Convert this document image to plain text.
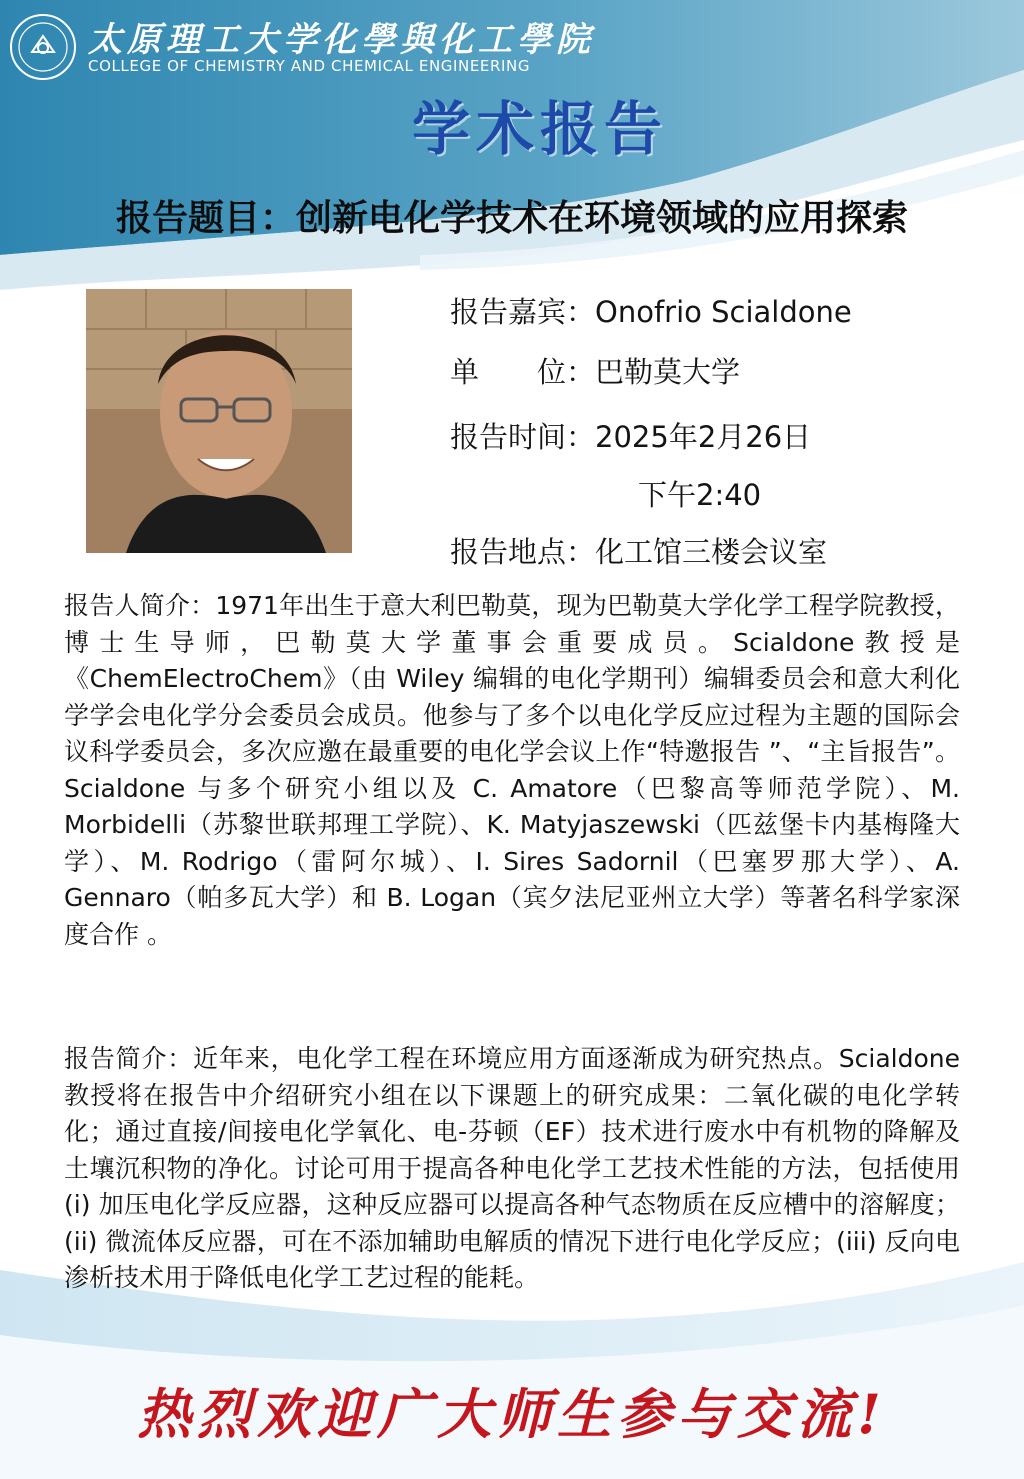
太原理工大学化學與化工學院
COLLEGE OF CHEMISTRY AND CHEMICAL ENGINEERING
学术报告
报告题目：创新电化学技术在环境领域的应用探索
报告嘉宾：Onofrio Scialdone
单　　位：巴勒莫大学
报告时间：2025年2月26日
下午2:40
报告地点：化工馆三楼会议室
报告人简介：1971年出生于意大利巴勒莫，现为巴勒莫大学化学工程学院教授，博士生导师，巴勒莫大学董事会重要成员。Scialdone教授是《ChemElectroChem》（由 Wiley 编辑的电化学期刊）编辑委员会和意大利化学学会电化学分会委员会成员。他参与了多个以电化学反应过程为主题的国际会议科学委员会，多次应邀在最重要的电化学会议上作“特邀报告 ”、“主旨报告”。Scialdone 与多个研究小组以及 C. Amatore（巴黎高等师范学院）、M. Morbidelli（苏黎世联邦理工学院）、K. Matyjaszewski（匹兹堡卡内基梅隆大学）、M. Rodrigo（雷阿尔城）、I. Sires Sadornil（巴塞罗那大学）、A. Gennaro（帕多瓦大学）和 B. Logan（宾夕法尼亚州立大学）等著名科学家深度合作 。
报告简介：近年来，电化学工程在环境应用方面逐渐成为研究热点。Scialdone教授将在报告中介绍研究小组在以下课题上的研究成果：二氧化碳的电化学转化；通过直接/间接电化学氧化、电-芬顿（EF）技术进行废水中有机物的降解及土壤沉积物的净化。讨论可用于提高各种电化学工艺技术性能的方法，包括使用 (i) 加压电化学反应器，这种反应器可以提高各种气态物质在反应槽中的溶解度；(ii) 微流体反应器，可在不添加辅助电解质的情况下进行电化学反应；(iii) 反向电渗析技术用于降低电化学工艺过程的能耗。
热烈欢迎广大师生参与交流!
